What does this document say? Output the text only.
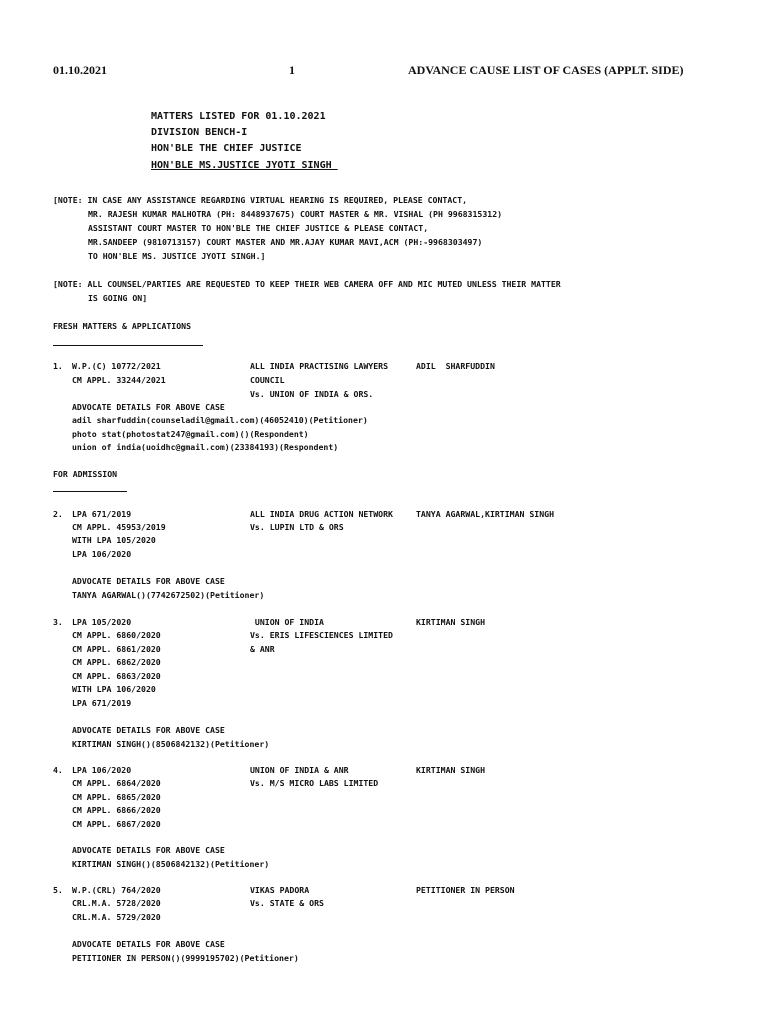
01.10.2021	1	ADVANCE CAUSE LIST OF CASES (APPLT. SIDE)
MATTERS LISTED FOR 01.10.2021
DIVISION BENCH-I
HON'BLE THE CHIEF JUSTICE
HON'BLE MS.JUSTICE JYOTI SINGH
[NOTE: IN CASE ANY ASSISTANCE REGARDING VIRTUAL HEARING IS REQUIRED, PLEASE CONTACT,
MR. RAJESH KUMAR MALHOTRA (PH: 8448937675) COURT MASTER & MR. VISHAL (PH 9968315312)
ASSISTANT COURT MASTER TO HON'BLE THE CHIEF JUSTICE & PLEASE CONTACT,
MR.SANDEEP (9810713157) COURT MASTER AND MR.AJAY KUMAR MAVI,ACM (PH:-9968303497)
TO HON'BLE MS. JUSTICE JYOTI SINGH.]
[NOTE: ALL COUNSEL/PARTIES ARE REQUESTED TO KEEP THEIR WEB CAMERA OFF AND MIC MUTED UNLESS THEIR MATTER
IS GOING ON]
FRESH MATTERS & APPLICATIONS
1. W.P.(C) 10772/2021
CM APPL. 33244/2021
ALL INDIA PRACTISING LAWYERS
COUNCIL
Vs. UNION OF INDIA & ORS.
ADIL  SHARFUDDIN
ADVOCATE DETAILS FOR ABOVE CASE
adil sharfuddin(counseladil@gmail.com)(46052410)(Petitioner)
photo stat(photostat247@gmail.com)()(Respondent)
union of india(uoidhc@gmail.com)(23384193)(Respondent)
FOR ADMISSION
2. LPA 671/2019
CM APPL. 45953/2019
WITH LPA 105/2020
LPA 106/2020
ALL INDIA DRUG ACTION NETWORK
Vs. LUPIN LTD & ORS
TANYA AGARWAL,KIRTIMAN SINGH
ADVOCATE DETAILS FOR ABOVE CASE
TANYA AGARWAL()(7742672502)(Petitioner)
3. LPA 105/2020
CM APPL. 6860/2020
CM APPL. 6861/2020
CM APPL. 6862/2020
CM APPL. 6863/2020
WITH LPA 106/2020
LPA 671/2019
UNION OF INDIA
Vs. ERIS LIFESCIENCES LIMITED
& ANR
KIRTIMAN SINGH
ADVOCATE DETAILS FOR ABOVE CASE
KIRTIMAN SINGH()(8506842132)(Petitioner)
4. LPA 106/2020
CM APPL. 6864/2020
CM APPL. 6865/2020
CM APPL. 6866/2020
CM APPL. 6867/2020
UNION OF INDIA & ANR
Vs. M/S MICRO LABS LIMITED
KIRTIMAN SINGH
ADVOCATE DETAILS FOR ABOVE CASE
KIRTIMAN SINGH()(8506842132)(Petitioner)
5. W.P.(CRL) 764/2020
CRL.M.A. 5728/2020
CRL.M.A. 5729/2020
VIKAS PADORA
Vs. STATE & ORS
PETITIONER IN PERSON
ADVOCATE DETAILS FOR ABOVE CASE
PETITIONER IN PERSON()(9999195702)(Petitioner)
